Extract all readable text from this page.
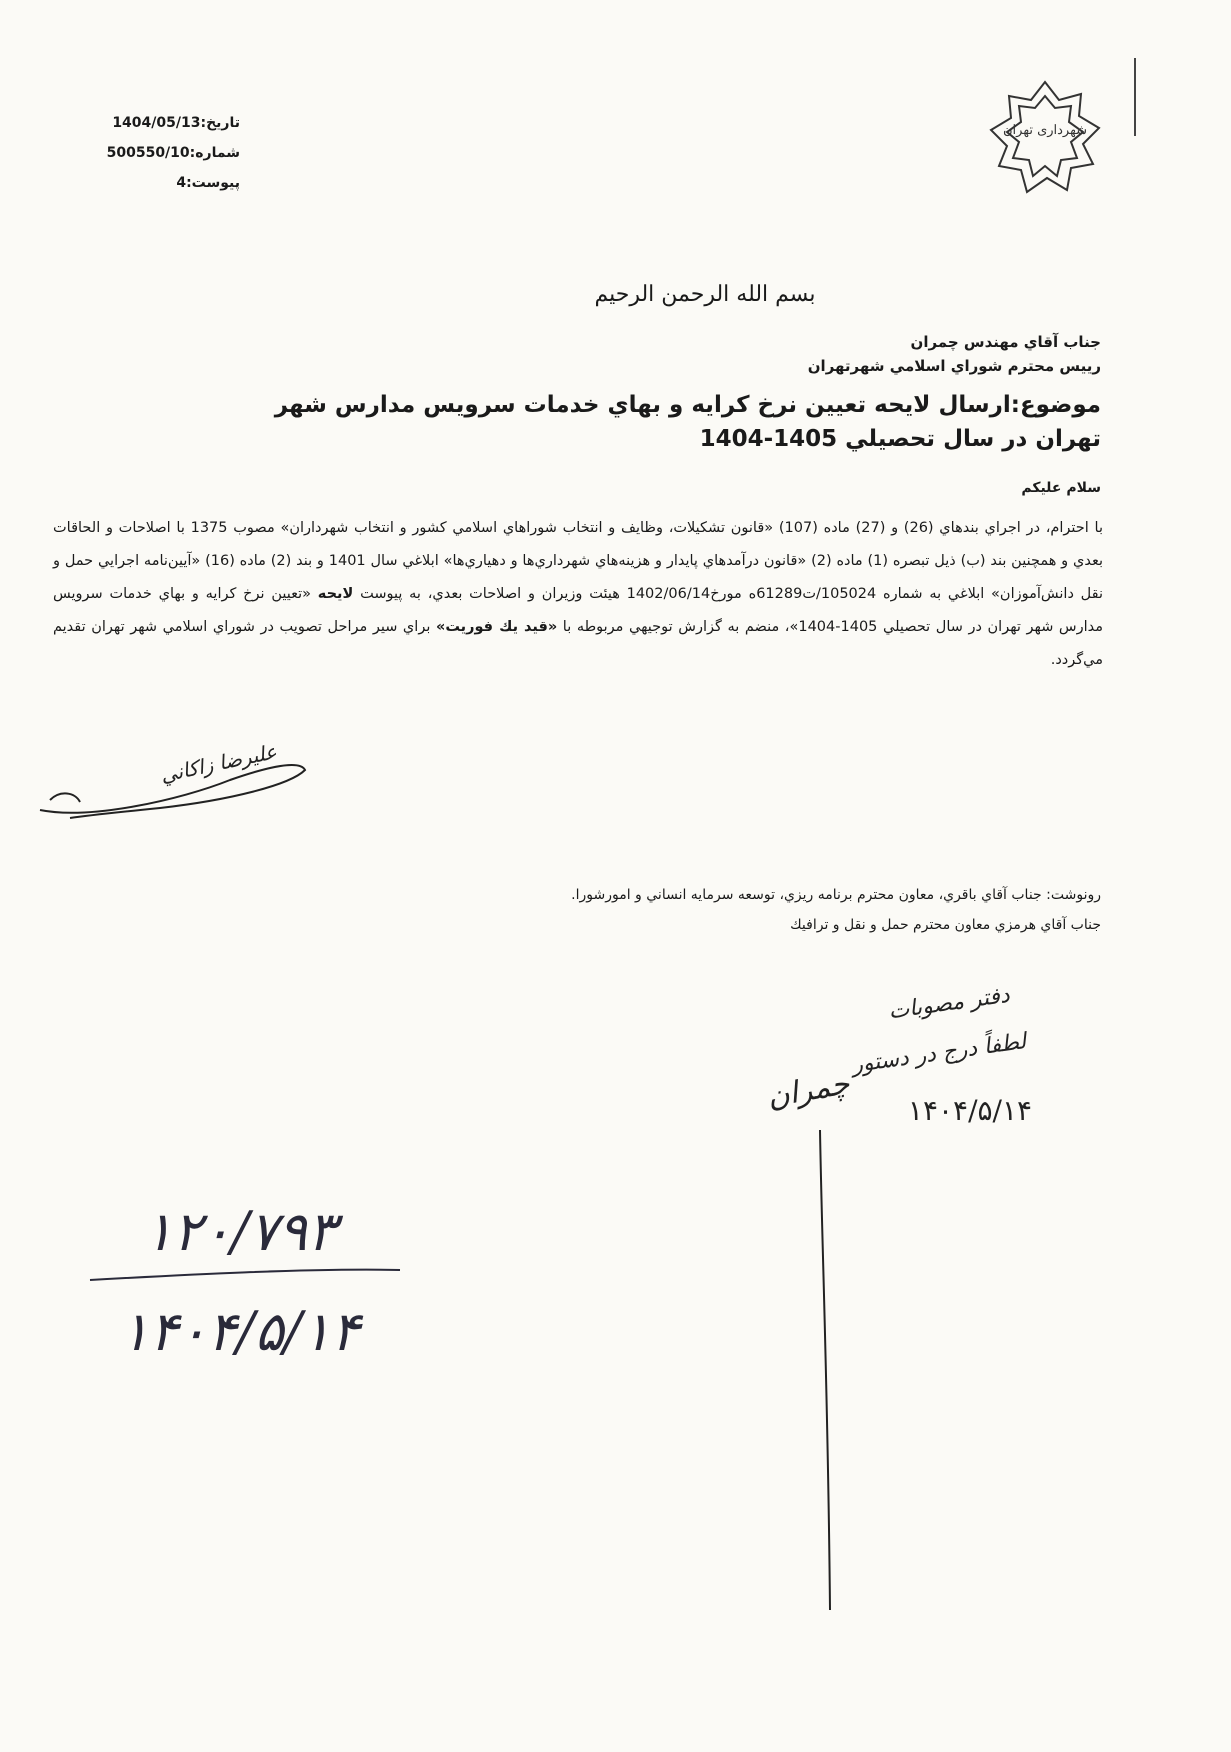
شهرداری تهران
تاریخ:1404/05/13
شماره:500550/10
پیوست:4
بسم الله الرحمن الرحیم
جناب آقاي مهندس چمران
رييس محترم شوراي اسلامي شهرتهران
موضوع:ارسال لايحه تعيين نرخ كرايه و بهاي خدمات سرويس مدارس شهر
تهران در سال تحصيلي 1405-1404
سلام عليكم
با احترام، در اجراي بندهاي (26) و (27) ماده (107) «قانون تشكيلات، وظايف و انتخاب شوراهاي اسلامي كشور و انتخاب شهرداران» مصوب 1375 با اصلاحات و الحاقات بعدي و همچنين بند (ب) ذيل تبصره (1) ماده (2) «قانون درآمدهاي پايدار و هزينه‌هاي شهرداري‌ها و دهياري‌ها» ابلاغي سال 1401 و بند (2) ماده (16) «آيين‌نامه اجرايي حمل و نقل دانش‌آموزان» ابلاغي به شماره 105024/ت61289ه مورخ1402/06/14 هيئت وزيران و اصلاحات بعدي، به پيوست لايحه «تعيين نرخ كرايه و بهاي خدمات سرويس مدارس شهر تهران در سال تحصيلي 1405-1404»، منضم به گزارش توجيهي مربوطه با «قيد يك فوريت» براي سير مراحل تصويب در شوراي اسلامي شهر تهران تقديم مي‌گردد.
عليرضا زاكاني
رونوشت: جناب آقاي باقري، معاون محترم برنامه ريزي، توسعه سرمايه انساني و امورشورا.
جناب آقاي هرمزي معاون محترم حمل و نقل و ترافيك
دفتر مصوبات
لطفاً درج در دستور
چمران ۱۴۰۴/۵/۱۴
۱۲۰/۷۹۳
۱۴۰۴/۵/۱۴
